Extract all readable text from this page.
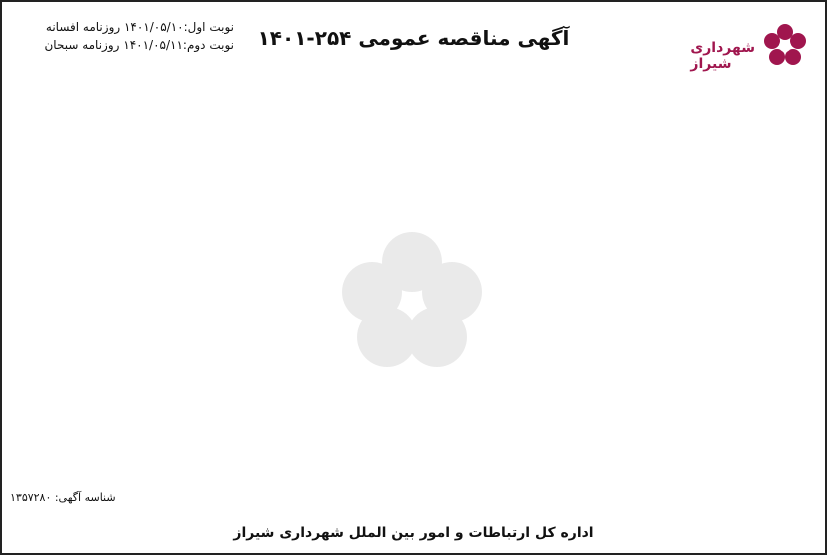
نوبت اول:۱۴۰۱/۰۵/۱۰ روزنامه افسانه
نوبت دوم:۱۴۰۱/۰۵/۱۱ روزنامه سبحان	آگهی مناقصه عمومی ۲۵۴-۱۴۰۱	شهرداری شیراز

شناسه آگهی: ۱۳۵۷۲۸۰
اداره کل ارتباطات و امور بین الملل شهرداری شیراز
